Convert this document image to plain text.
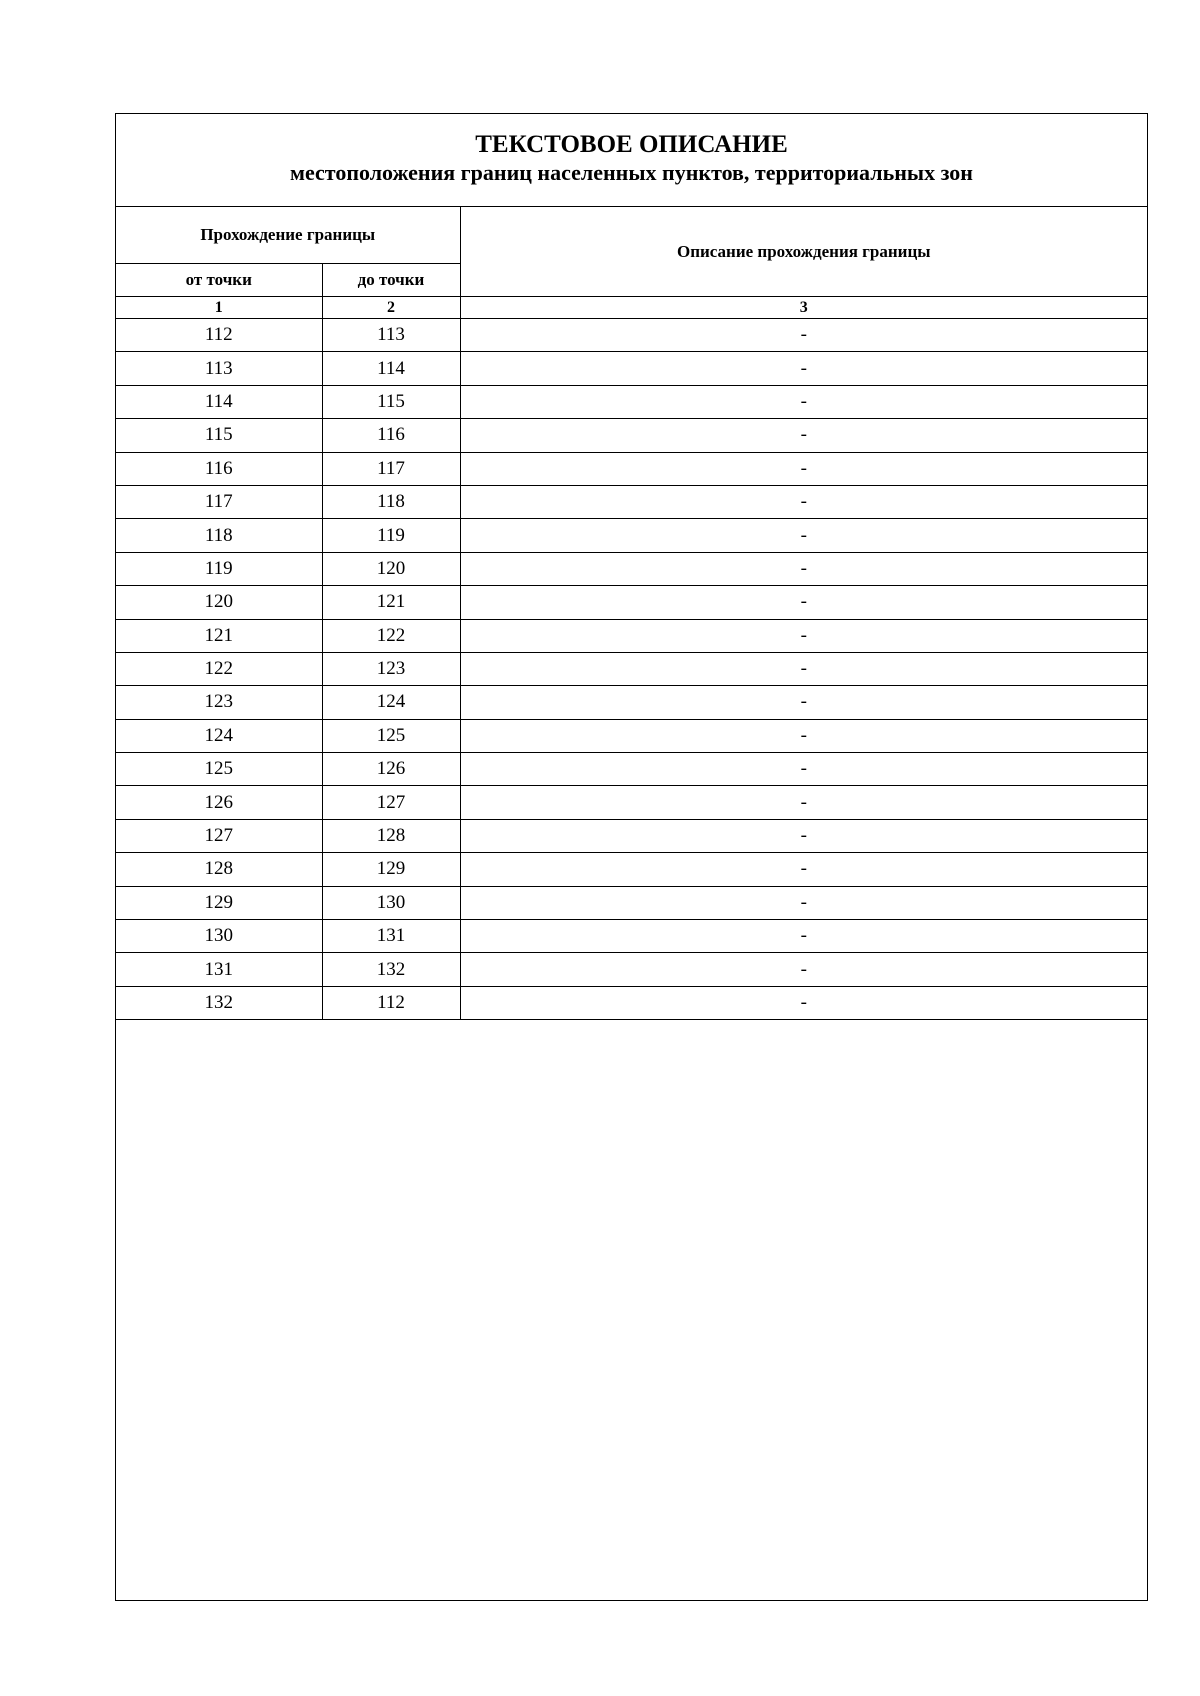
ТЕКСТОВОЕ ОПИСАНИЕ
местоположения границ населенных пунктов, территориальных зон
Прохождение границы		Описание прохождения границы
от точки	до точки	
1	2	3
112	113	-
113	114	-
114	115	-
115	116	-
116	117	-
117	118	-
118	119	-
119	120	-
120	121	-
121	122	-
122	123	-
123	124	-
124	125	-
125	126	-
126	127	-
127	128	-
128	129	-
129	130	-
130	131	-
131	132	-
132	112	-
